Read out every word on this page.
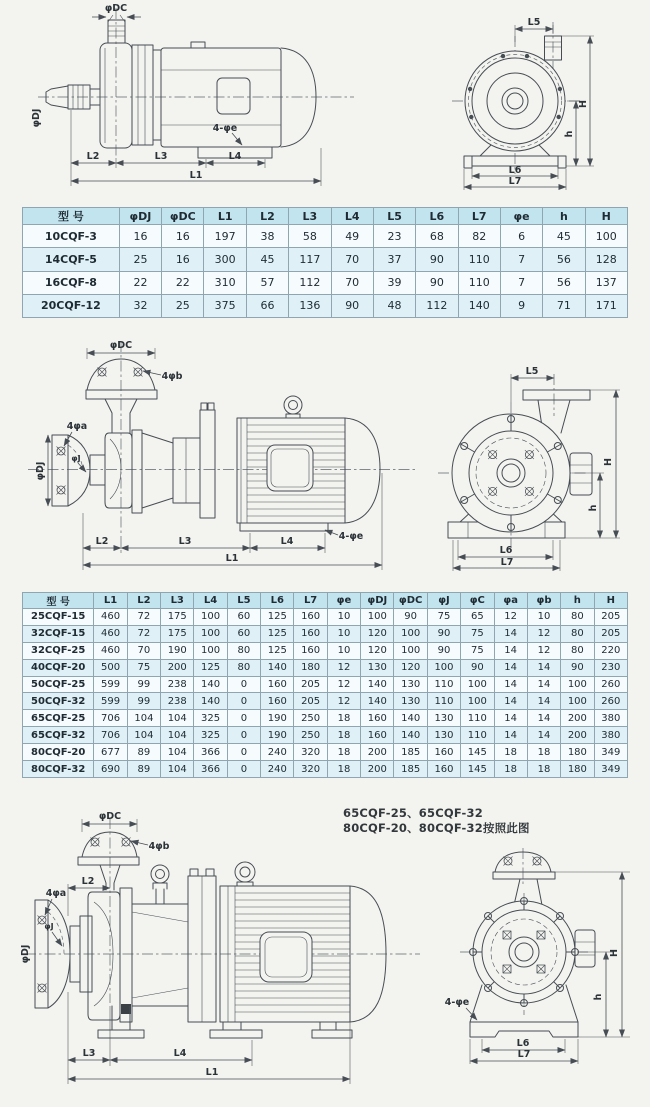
φDJ
φDC
4-φe
L2	L3	L4
L1
L5
H
h
L6
L7
型 号	φDJ	φDC	L1	L2	L3	L4	L5	L6	L7	φe	h	H
10CQF-3	16	16	197	38	58	49	23	68	82	6	45	100
14CQF-5	25	16	300	45	117	70	37	90	110	7	56	128
16CQF-8	22	22	310	57	112	70	39	90	110	7	56	137
20CQF-12	32	25	375	66	136	90	48	112	140	9	71	171
φDC
4φb
4φa
φJ
φDJ
4-φe
L2	L3	L4
L1
L5
H
h
L6
L7
型 号	L1	L2	L3	L4	L5	L6	L7	φe	φDJ	φDC	φJ	φC	φa	φb	h	H
25CQF-15	460	72	175	100	60	125	160	10	100	90	75	65	12	10	80	205
32CQF-15	460	72	175	100	60	125	160	10	120	100	90	75	14	12	80	205
32CQF-25	460	70	190	100	80	125	160	10	120	100	90	75	14	12	80	220
40CQF-20	500	75	200	125	80	140	180	12	130	120	100	90	14	14	90	230
50CQF-25	599	99	238	140	0	160	205	12	140	130	110	100	14	14	100	260
50CQF-32	599	99	238	140	0	160	205	12	140	130	110	100	14	14	100	260
65CQF-25	706	104	104	325	0	190	250	18	160	140	130	110	14	14	200	380
65CQF-32	706	104	104	325	0	190	250	18	160	140	130	110	14	14	200	380
80CQF-20	677	89	104	366	0	240	320	18	200	185	160	145	18	18	180	349
80CQF-32	690	89	104	366	0	240	320	18	200	185	160	145	18	18	180	349
65CQF-25、65CQF-32
80CQF-20、80CQF-32按照此图
φDC
4φb
L2
4φa
φJ
φDJ
L3	L4
L1
4-φe
H
h
L6
L7
